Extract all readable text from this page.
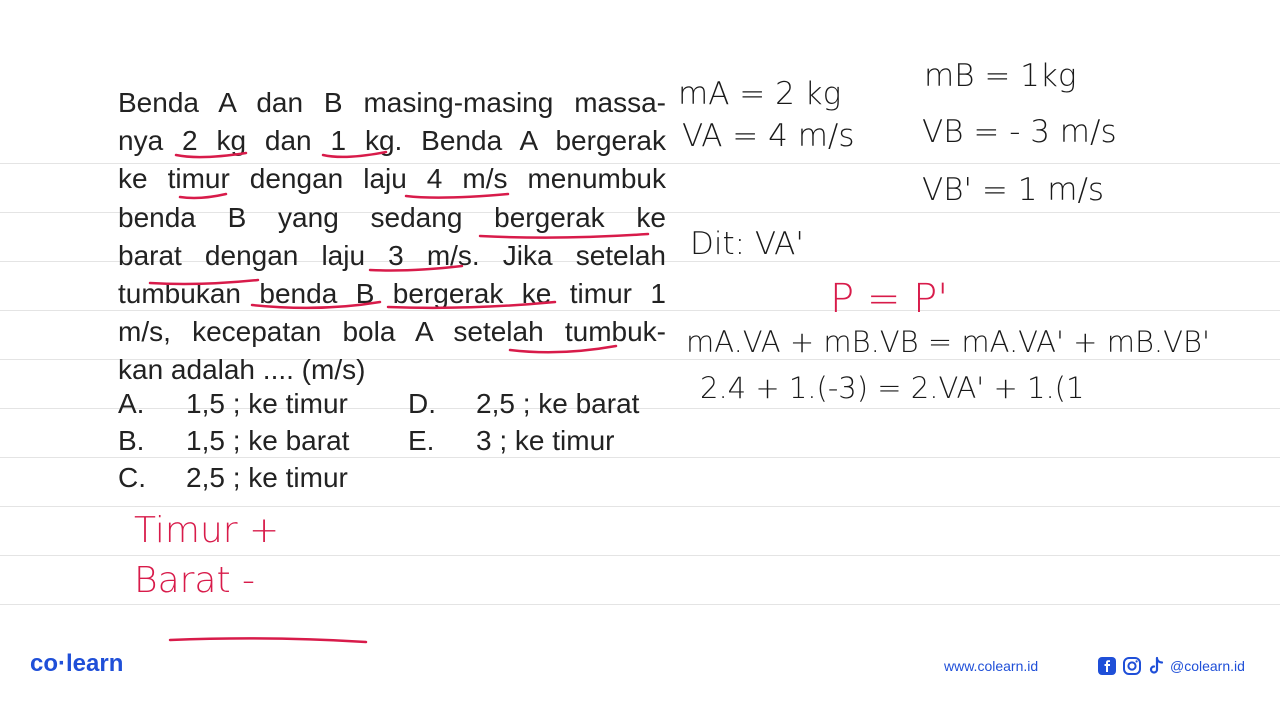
Benda A dan B masing-masing massa-
nya 2 kg dan 1 kg. Benda A bergerak
ke timur dengan laju 4 m/s menumbuk
benda B yang sedang bergerak ke
barat dengan laju 3 m/s. Jika setelah
tumbukan benda B bergerak ke timur 1
m/s, kecepatan bola A setelah tumbuk-
kan adalah .... (m/s)
A. 1,5 ; ke timur
B. 1,5 ; ke barat
C. 2,5 ; ke timur
D. 2,5 ; ke barat
E. 3 ; ke timur
mA = 2 kg	mB = 1kg
VA = 4 m/s VB = - 3 m/s
VB' = 1 m/s
Dit: VA'
mA.VA + mB.VB = mA.VA' + mB.VB'
2.4 + 1.(-3) = 2.VA' + 1.(1
P = P'
Timur +
Barat -
co·learn	www.colearn.id	@colearn.id
